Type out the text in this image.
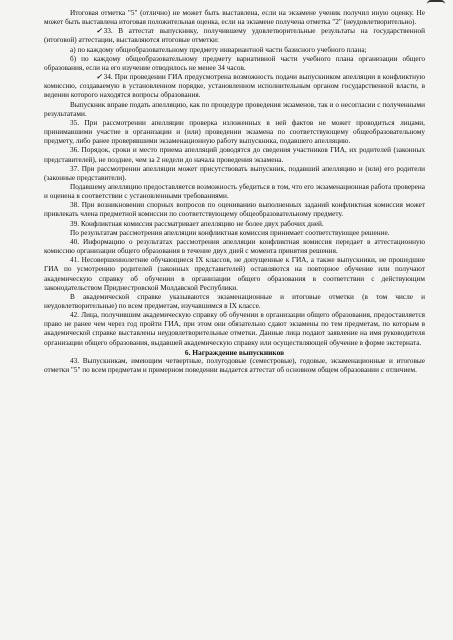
Итоговая отметка "5" (отлично) не может быть выставлена, если на экзамене ученик получил иную оценку. Не может быть выставлена итоговая положительная оценка, если на экзамене получена отметка "2" (неудовлетворительно).

✓ 33. В аттестат выпускнику, получившему удовлетворительные результаты на государственной (итоговой) аттестации, выставляются итоговые отметки:

а) по каждому общеобразовательному предмету инвариантной части базисного учебного плана;

б) по каждому общеобразовательному предмету вариативной части учебного плана организации общего образования, если на его изучение отводилось не менее 34 часов.

✓ 34. При проведении ГИА предусмотрена возможность подачи выпускником апелляции в конфликтную комиссию, создаваемую в установленном порядке, установленном исполнительным органом государственной власти, в ведении которого находятся вопросы образования.

Выпускник вправе подать апелляцию, как по процедуре проведения экзаменов, так и о несогласии с полученными результатами.

35. При рассмотрении апелляции проверка изложенных в ней фактов не может проводиться лицами, принимавшими участие в организации и (или) проведении экзамена по соответствующему общеобразовательному предмету, либо ранее проверявшими экзаменационную работу выпускника, подавшего апелляцию.

36. Порядок, сроки и место приема апелляций доводятся до сведения участников ГИА, их родителей (законных представителей), не позднее, чем за 2 недели до начала проведения экзамена.

37. При рассмотрении апелляции может присутствовать выпускник, подавший апелляцию и (или) его родители (законные представители).

Подавшему апелляцию предоставляется возможность убедиться в том, что его экзаменационная работа проверена и оценена в соответствии с установленными требованиями.

38. При возникновении спорных вопросов по оцениванию выполненных заданий конфликтная комиссия может привлекать члена предметной комиссии по соответствующему общеобразовательному предмету.

39. Конфликтная комиссия рассматривает апелляцию не более двух рабочих дней.

По результатам рассмотрения апелляции конфликтная комиссия принимает соответствующее решение.

40. Информацию о результатах рассмотрения апелляции конфликтная комиссия передает в аттестационную комиссию организации общего образования в течение двух дней с момента принятия решения.

41. Несовершеннолетние обучающиеся IX классов, не допущенные к ГИА, а также выпускники, не прошедшие ГИА по усмотрению родителей (законных представителей) оставляются на повторное обучение или получают академическую справку об обучении в организации общего образования в соответствии с действующим законодательством Приднестровской Молдавской Республики.

В академической справке указываются экзаменационные и итоговые отметки (в том числе и неудовлетворительные) по всем предметам, изучавшимся в IX классе.

42. Лица, получившим академическую справку об обучении в организации общего образования, предоставляется право не ранее чем через год пройти ГИА, при этом они обязательно сдают экзамены по тем предметам, по которым в академической справке выставлены неудовлетворительные отметки. Данные лица подают заявление на имя руководителя организации общего образования, выдавшей академическую справку или осуществляющей обучение в форме экстерната.

6. Награждение выпускников

43. Выпускникам, имеющим четвертные, полугодовые (семестровые), годовые, экзаменационные и итоговые отметки "5" по всем предметам и примерном поведении выдается аттестат об основном общем образовании с отличием.
